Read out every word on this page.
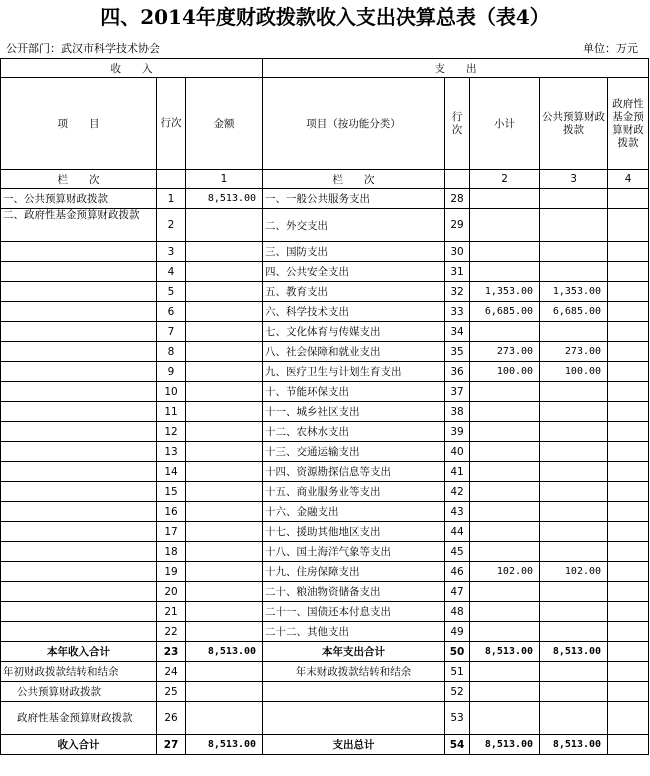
四、2014年度财政拨款收入支出决算总表（表4）
公开部门：武汉市科学技术协会	单位：万元
收　　入			支　　出				
项　　目	行次	金额	项目（按功能分类）	行次	小计	公共预算财政拨款	政府性基金预算财政拨款
栏　　次		1	栏　　次		2	3	4
一、公共预算财政拨款	1	8,513.00	一、一般公共服务支出	28			
二、政府性基金预算财政拨款	2		二、外交支出	29			
	3		三、国防支出	30			
	4		四、公共安全支出	31			
	5		五、教育支出	32	1,353.00	1,353.00	
	6		六、科学技术支出	33	6,685.00	6,685.00	
	7		七、文化体育与传媒支出	34			
	8		八、社会保障和就业支出	35	273.00	273.00	
	9		九、医疗卫生与计划生育支出	36	100.00	100.00	
	10		十、节能环保支出	37			
	11		十一、城乡社区支出	38			
	12		十二、农林水支出	39			
	13		十三、交通运输支出	40			
	14		十四、资源勘探信息等支出	41			
	15		十五、商业服务业等支出	42			
	16		十六、金融支出	43			
	17		十七、援助其他地区支出	44			
	18		十八、国土海洋气象等支出	45			
	19		十九、住房保障支出	46	102.00	102.00	
	20		二十、粮油物资储备支出	47			
	21		二十一、国债还本付息支出	48			
	22		二十二、其他支出	49			
本年收入合计	23	8,513.00	本年支出合计	50	8,513.00	8,513.00	
年初财政拨款结转和结余	24		年末财政拨款结转和结余	51			
公共预算财政拨款	25			52			
政府性基金预算财政拨款	26			53			
收入合计	27	8,513.00	支出总计	54	8,513.00	8,513.00	
